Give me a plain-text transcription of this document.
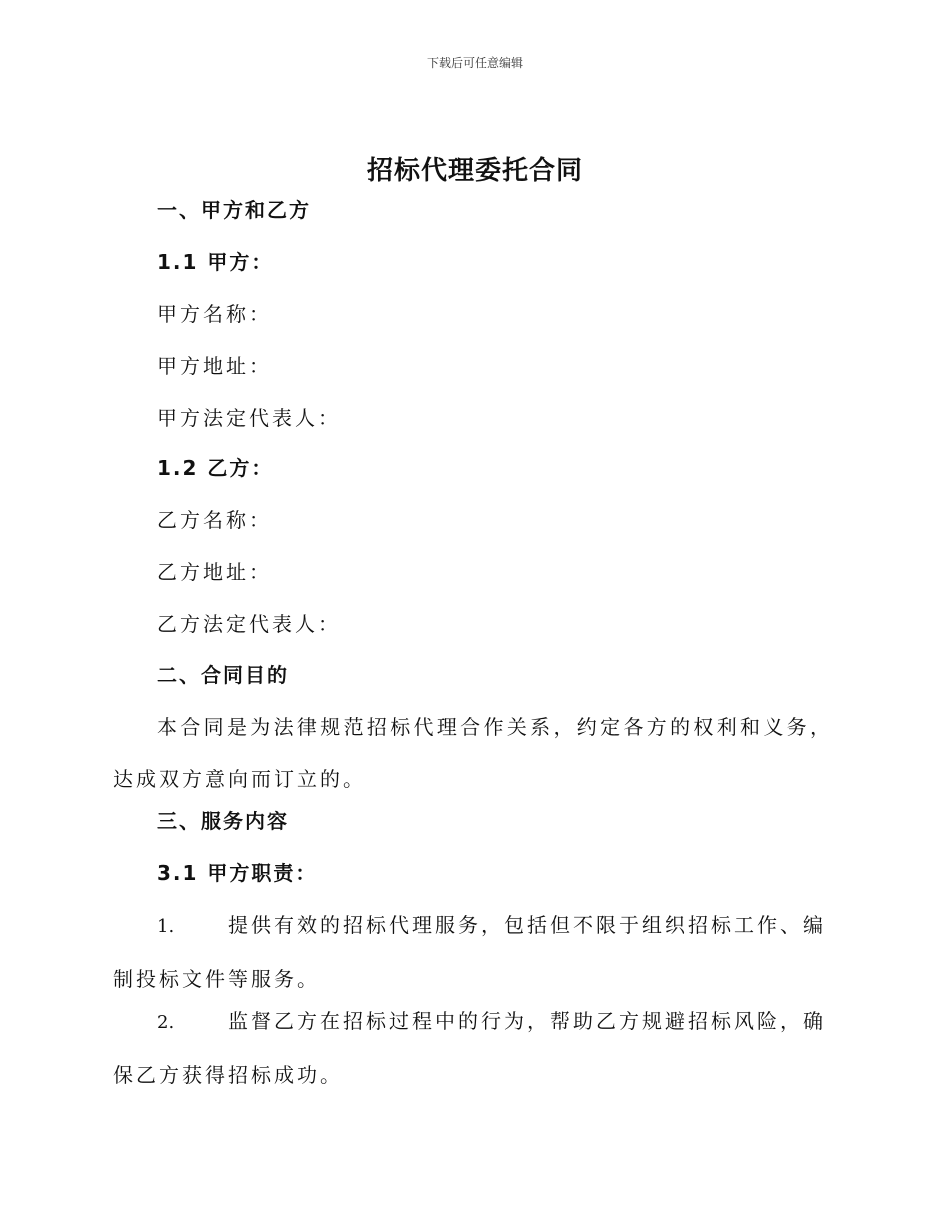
下载后可任意编辑
招标代理委托合同
一、甲方和乙方
1.1 甲方：
甲方名称：
甲方地址：
甲方法定代表人：
1.2 乙方：
乙方名称：
乙方地址：
乙方法定代表人：
二、合同目的
本合同是为法律规范招标代理合作关系，约定各方的权利和义务，达成双方意向而订立的。
三、服务内容
3.1 甲方职责：
1.	提供有效的招标代理服务，包括但不限于组织招标工作、编制投标文件等服务。
2.	监督乙方在招标过程中的行为，帮助乙方规避招标风险，确保乙方获得招标成功。
